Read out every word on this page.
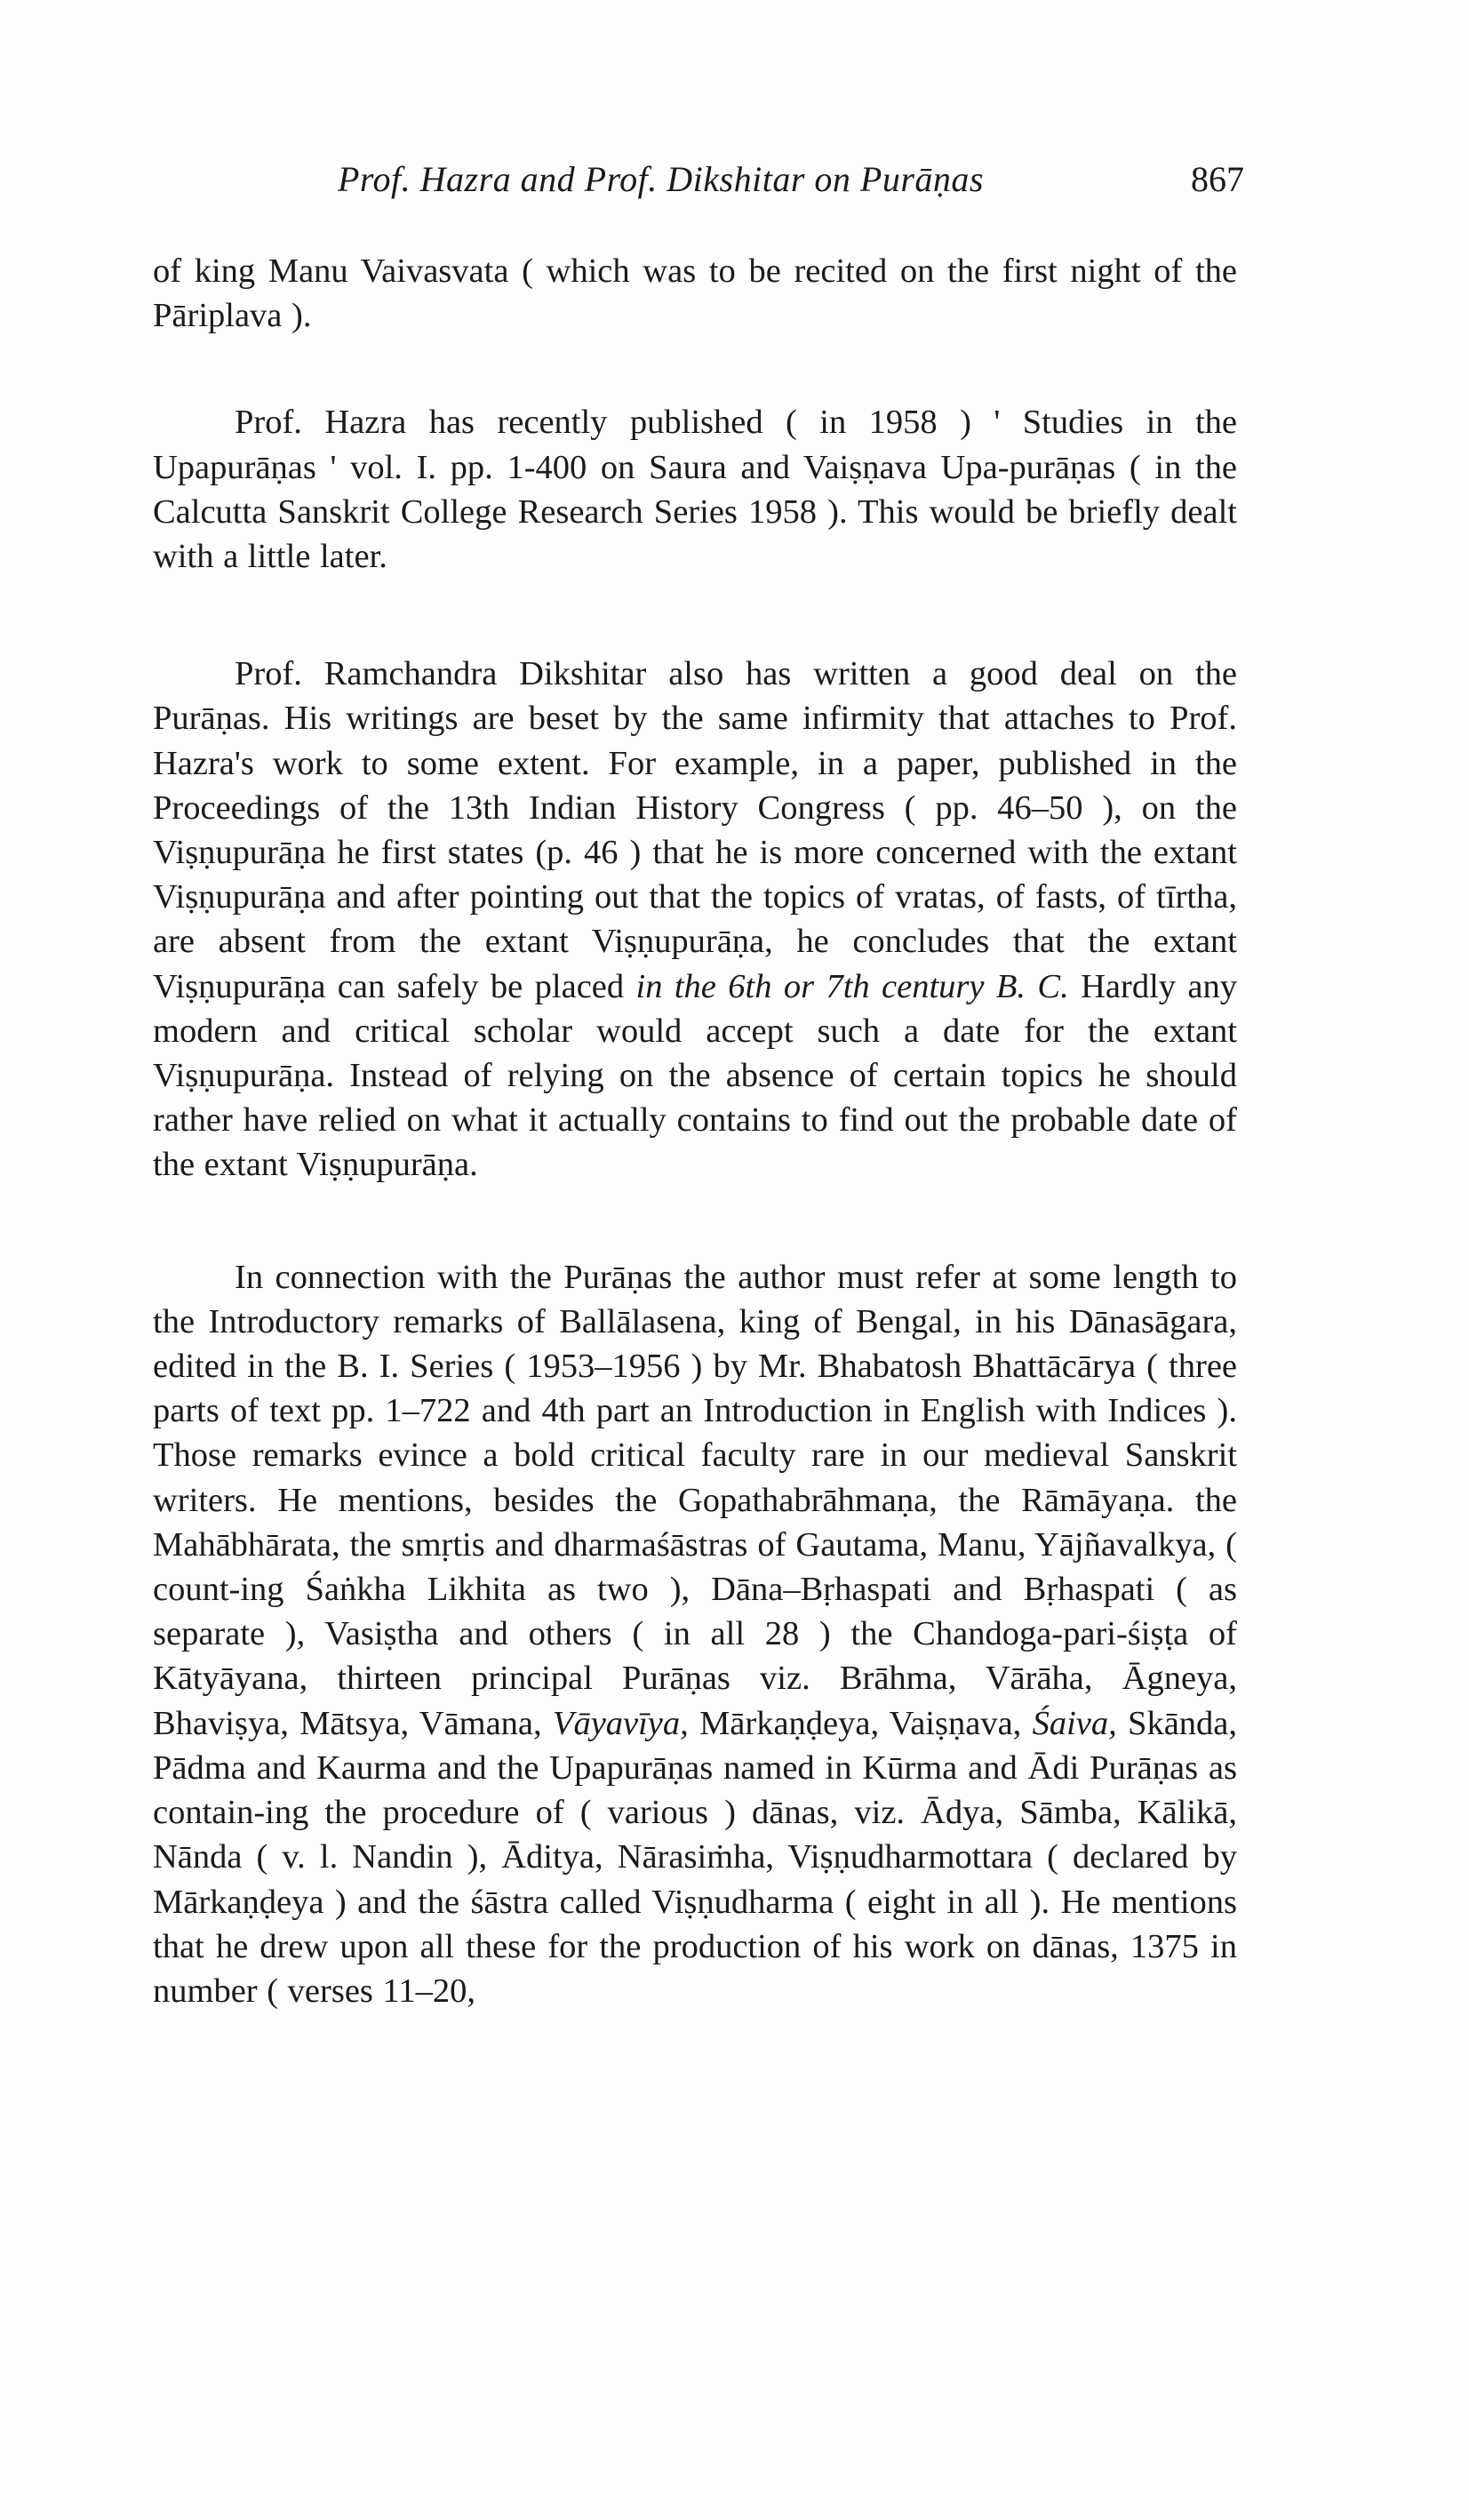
Prof. Hazra and Prof. Dikshitar on Purāṇas	867

of king Manu Vaivasvata ( which was to be recited on the first night of the Pāriplava ).

Prof. Hazra has recently published ( in 1958 ) ' Studies in the Upapurāṇas ' vol. I. pp. 1-400 on Saura and Vaiṣṇava Upa-purāṇas ( in the Calcutta Sanskrit College Research Series 1958 ). This would be briefly dealt with a little later.

Prof. Ramchandra Dikshitar also has written a good deal on the Purāṇas. His writings are beset by the same infirmity that attaches to Prof. Hazra's work to some extent. For example, in a paper, published in the Proceedings of the 13th Indian History Congress ( pp. 46–50 ), on the Viṣṇupurāṇa he first states (p. 46 ) that he is more concerned with the extant Viṣṇupurāṇa and after pointing out that the topics of vratas, of fasts, of tīrtha, are absent from the extant Viṣṇupurāṇa, he concludes that the extant Viṣṇupurāṇa can safely be placed in the 6th or 7th century B. C. Hardly any modern and critical scholar would accept such a date for the extant Viṣṇupurāṇa. Instead of relying on the absence of certain topics he should rather have relied on what it actually contains to find out the probable date of the extant Viṣṇupurāṇa.

In connection with the Purāṇas the author must refer at some length to the Introductory remarks of Ballālasena, king of Bengal, in his Dānasāgara, edited in the B. I. Series ( 1953–1956 ) by Mr. Bhabatosh Bhattācārya ( three parts of text pp. 1–722 and 4th part an Introduction in English with Indices ). Those remarks evince a bold critical faculty rare in our medieval Sanskrit writers. He mentions, besides the Gopathabrāhmaṇa, the Rāmāyaṇa. the Mahābhārata, the smṛtis and dharmaśāstras of Gautama, Manu, Yājñavalkya, ( count-ing Śaṅkha Likhita as two ), Dāna–Bṛhaspati and Bṛhaspati ( as separate ), Vasiṣtha and others ( in all 28 ) the Chandoga-pari-śiṣṭa of Kātyāyana, thirteen principal Purāṇas viz. Brāhma, Vārāha, Āgneya, Bhaviṣya, Mātsya, Vāmana, Vāyavīya, Mārkaṇḍeya, Vaiṣṇava, Śaiva, Skānda, Pādma and Kaurma and the Upapurāṇas named in Kūrma and Ādi Purāṇas as contain-ing the procedure of ( various ) dānas, viz. Ādya, Sāmba, Kālikā, Nānda ( v. l. Nandin ), Āditya, Nārasiṁha, Viṣṇudharmottara ( declared by Mārkaṇḍeya ) and the śāstra called Viṣṇudharma ( eight in all ). He mentions that he drew upon all these for the production of his work on dānas, 1375 in number ( verses 11–20,
